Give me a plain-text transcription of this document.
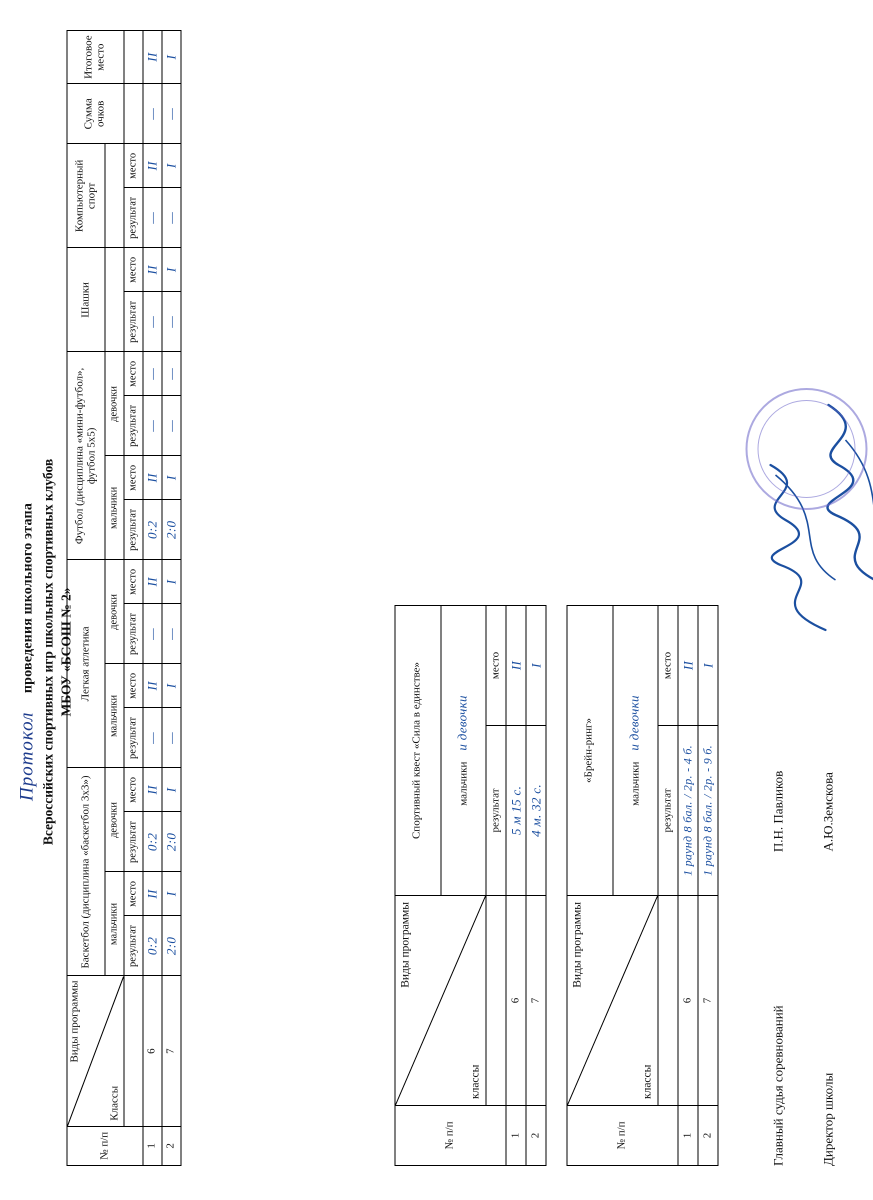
Протокол     проведения школьного этапа Всероссийских спортивных игр школьных спортивных клубов МБОУ «БСОШ № 2»
№ п/п	Виды программы
Классы	Баскетбол (дисциплина «баскетбол 3х3»)				Легкая атлетика				Футбол (дисциплина «мини-футбол», футбол 5х5)				Шашки		Компьютерный спорт		Сумма очков	Итоговое место

		мальчики		девочки		мальчики		девочки		мальчики		девочки							
		результат	место	результат	место	результат	место	результат	место	результат	место	результат	место	результат	место	результат	место		
1	6	0:2	II	0:2	II	—	II	—	II	0:2	II	—	—	—	II	—	II	—	II
2	7	2:0	I	2:0	I	—	I	—	I	2:0	I	—	—	—	I	—	I	—	I
№ п/п	Виды программы
классы	Спортивный квест «Сила в единстве»	
		мальчики    и девочки	
		результат	место
1	6	5 м 15 с.	II
2	7	4 м. 32 с.	I
№ п/п	Виды программы
классы	«Брейн-ринг»	
		мальчики    и девочки	
		результат	место
1	6	1 раунд 8 бал. / 2р. - 4 б.	II
2	7	1 раунд 8 бал. / 2р. - 9 б.	I
Главный судья соревнований П.Н. Павликов
Директор школы А.Ю.Земскова
